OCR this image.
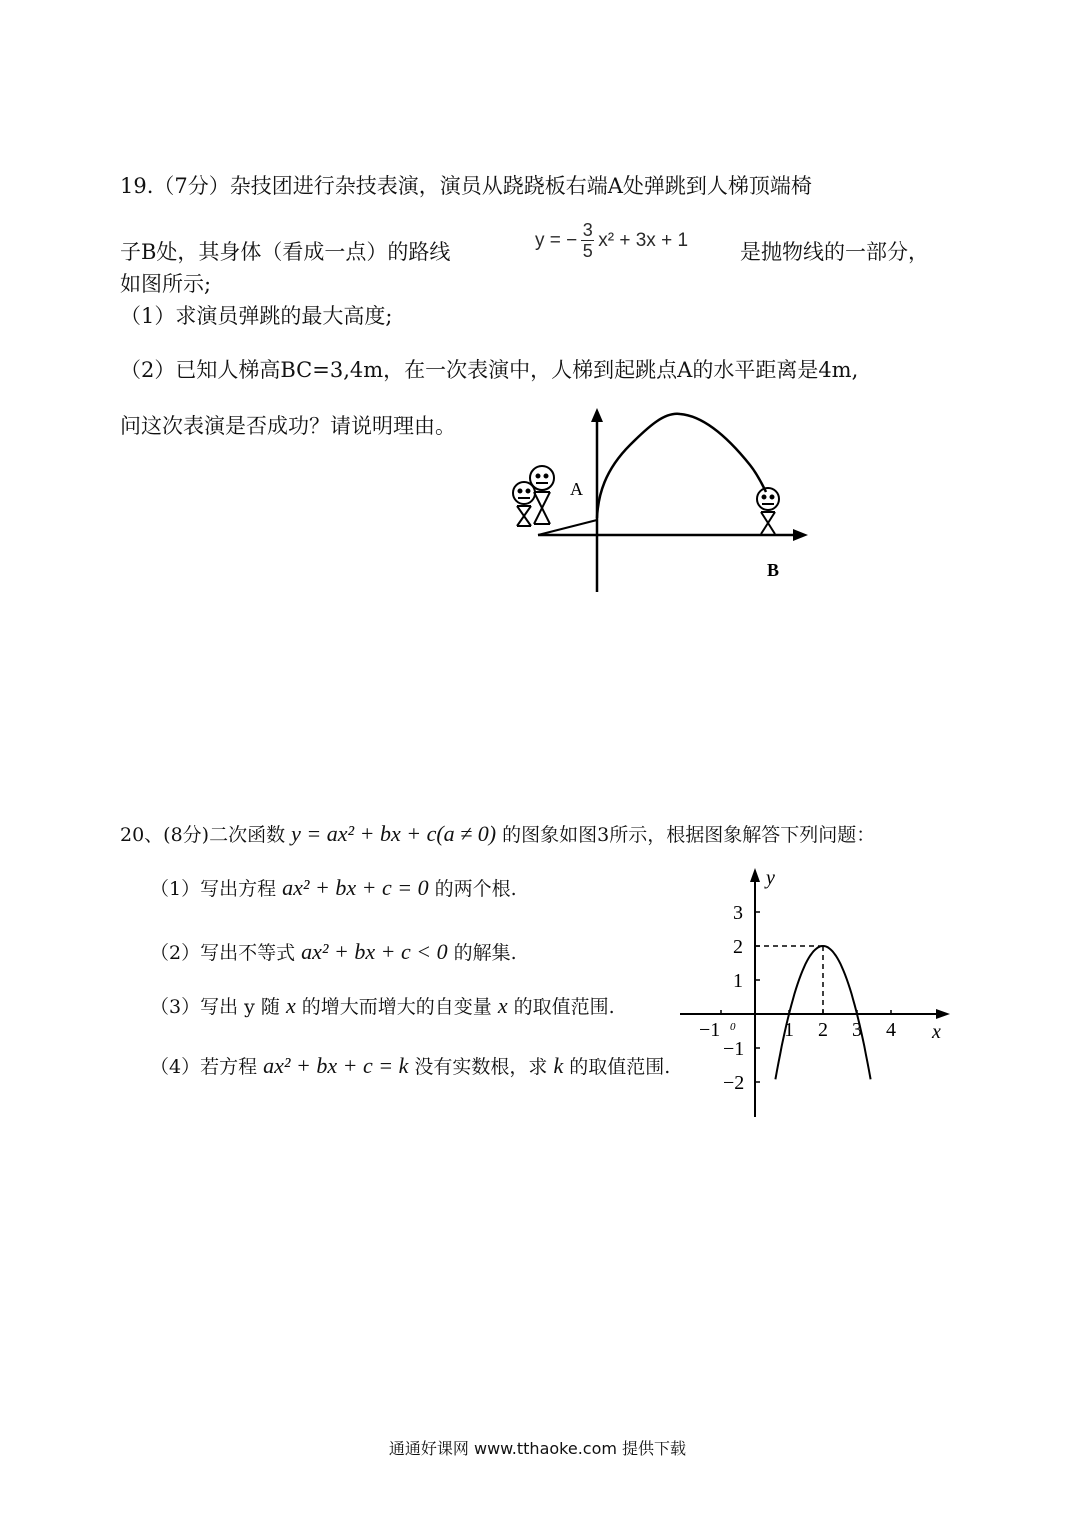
19.（7分）杂技团进行杂技表演，演员从跷跷板右端A处弹跳到人梯顶端椅
子B处，其身体（看成一点）的路线	y = − $\frac{3}{5} x^2 + 3x + 1$ 是抛物线的一部分，
如图所示;
（1）求演员弹跳的最大高度;
（2）已知人梯高BC=3,4m，在一次表演中，人梯到起跳点A的水平距离是4m,
问这次表演是否成功？请说明理由。
A
B
20、(8分)二次函数 y = ax² + bx + c(a ≠ 0) 的图象如图3所示，根据图象解答下列问题：
（1）写出方程 ax² + bx + c = 0 的两个根.
（2）写出不等式 ax² + bx + c < 0 的解集.
（3）写出 y 随 x 的增大而增大的自变量 x 的取值范围.
（4）若方程 ax² + bx + c = k 没有实数根，求 k 的取值范围.
y
x
0
−1	1 2 3 4
3
2
1
−1
−2
通通好课网 www.tthaoke.com 提供下载
